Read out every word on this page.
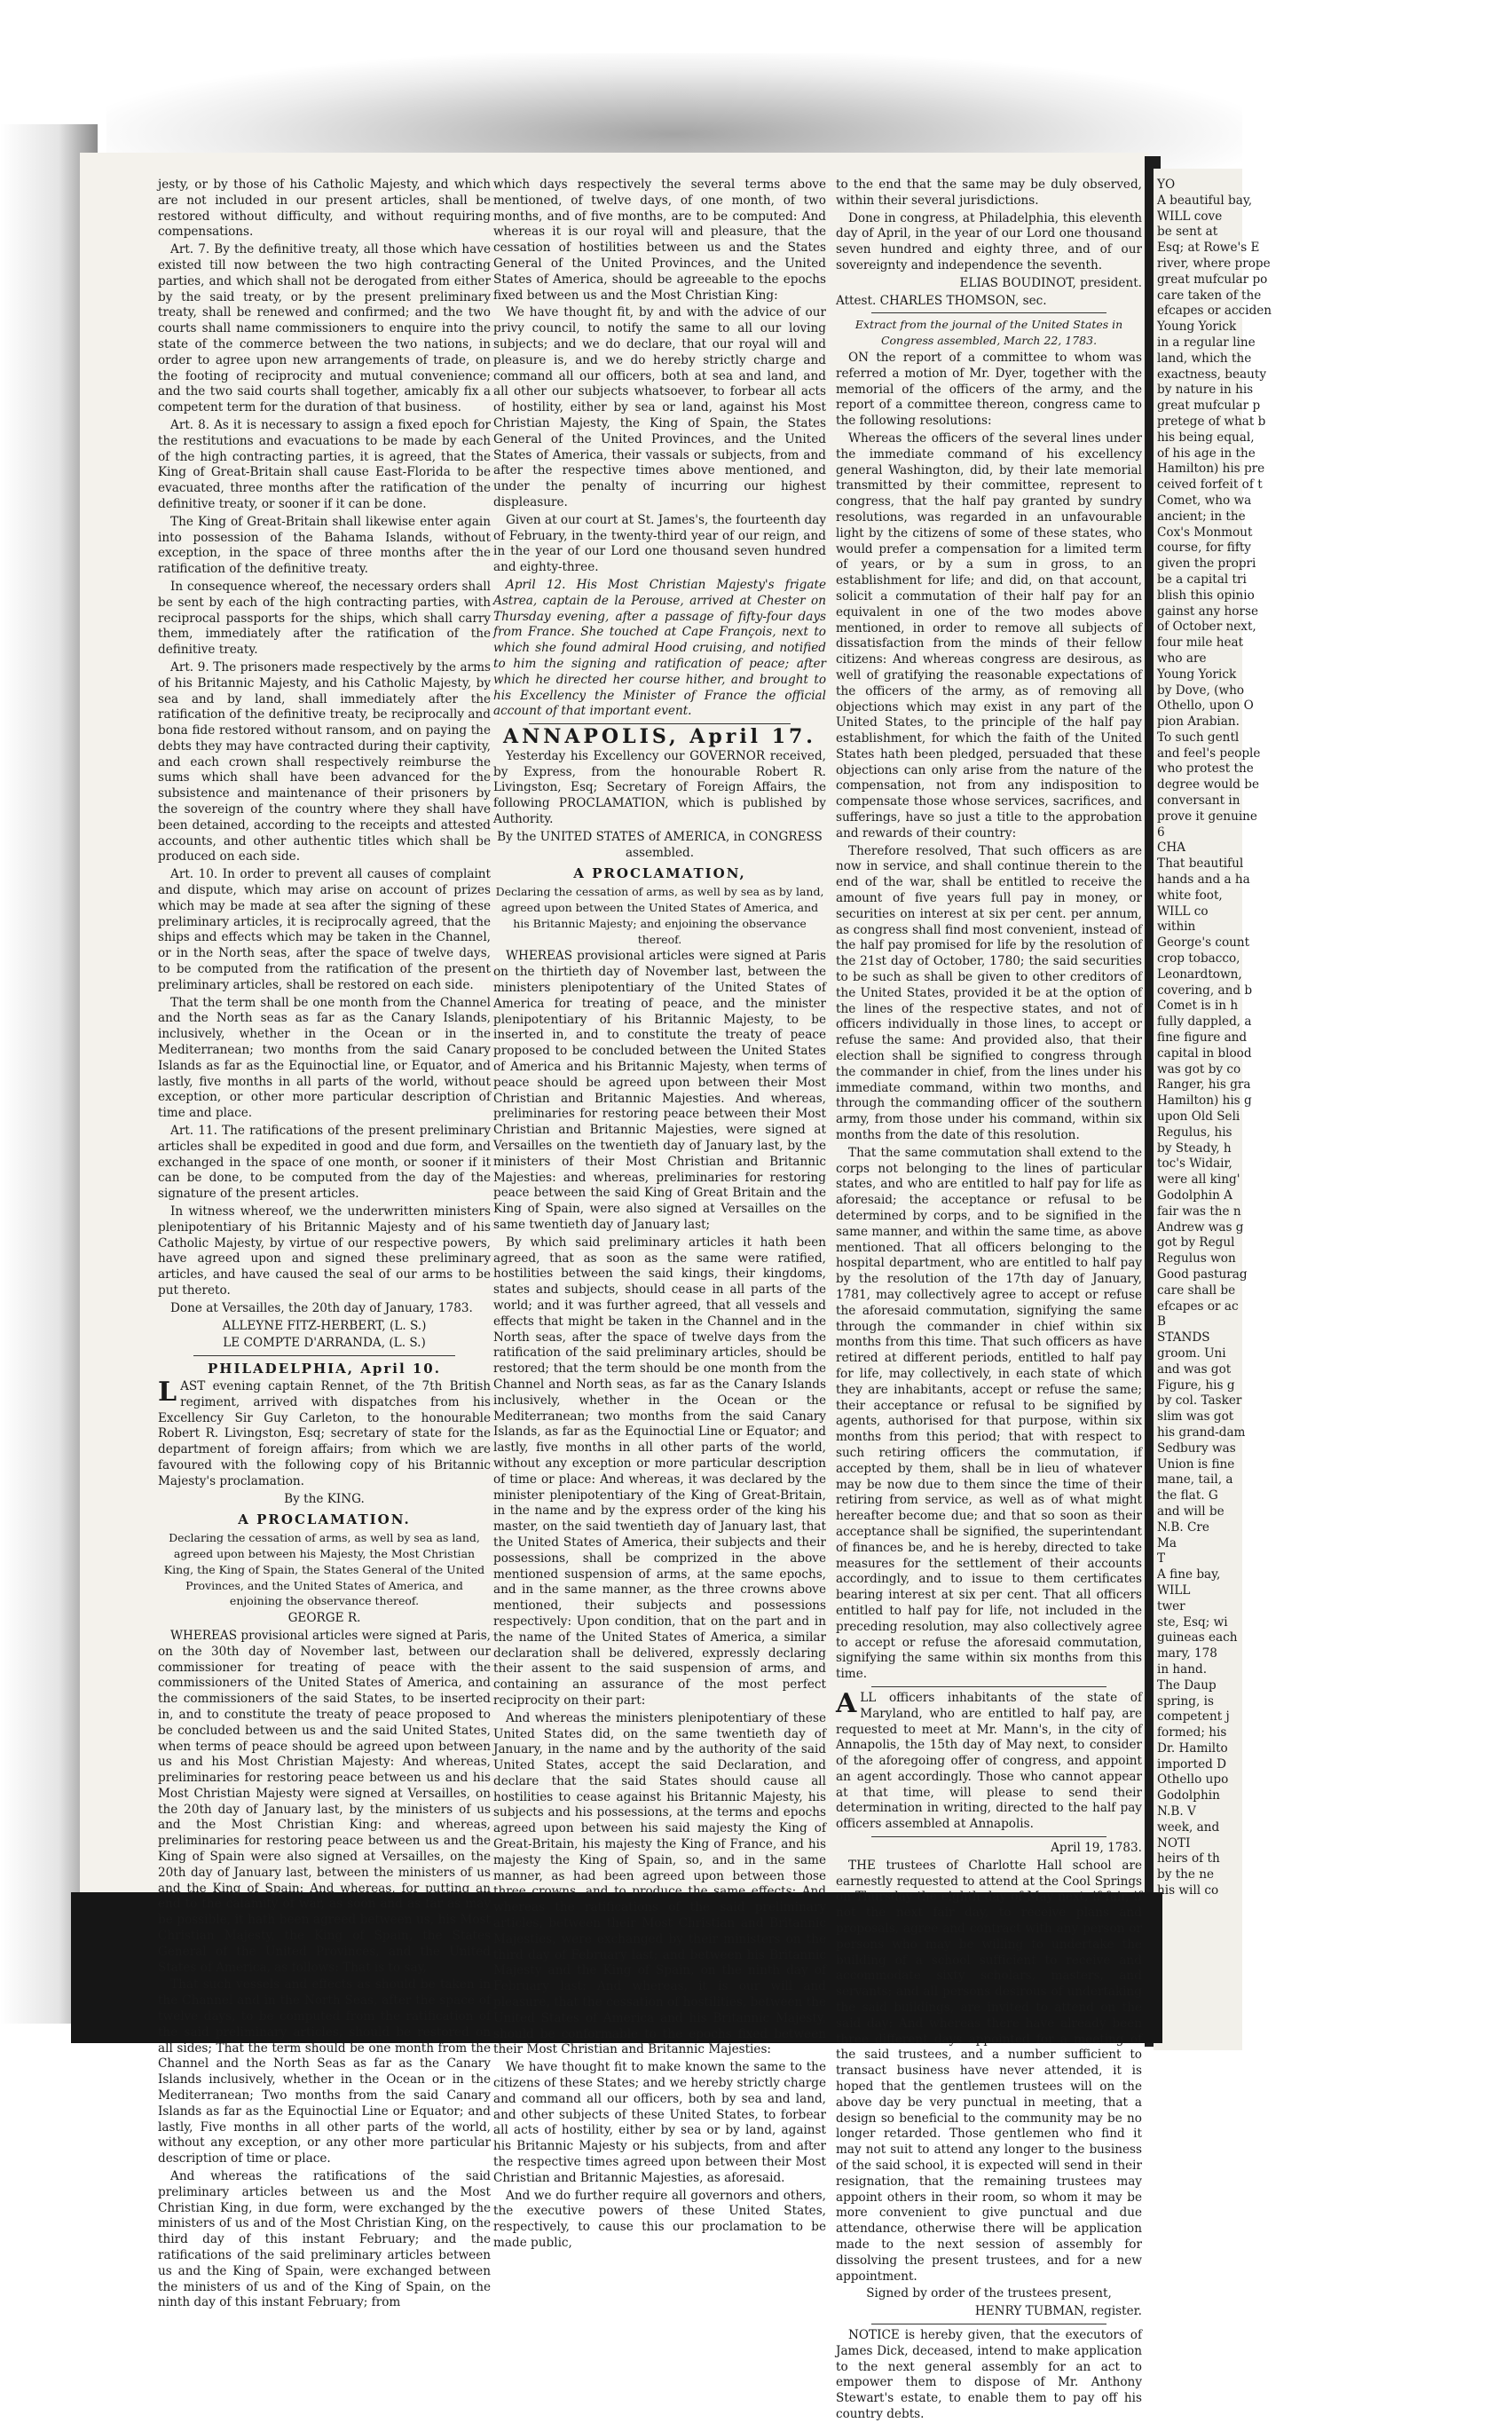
jesty, or by those of his Catholic Majesty, and which are not included in our present articles, shall be restored without difficulty, and without requiring compensations.

Art. 7. By the definitive treaty, all those which have existed till now between the two high contracting parties, and which shall not be derogated from either by the said treaty, or by the present preliminary treaty, shall be renewed and confirmed; and the two courts shall name commissioners to enquire into the state of the commerce between the two nations, in order to agree upon new arrangements of trade, on the footing of reciprocity and mutual convenience; and the two said courts shall together, amicably fix a competent term for the duration of that business.

Art. 8. As it is necessary to assign a fixed epoch for the restitutions and evacuations to be made by each of the high contracting parties, it is agreed, that the King of Great-Britain shall cause East-Florida to be evacuated, three months after the ratification of the definitive treaty, or sooner if it can be done.

The King of Great-Britain shall likewise enter again into possession of the Bahama Islands, without exception, in the space of three months after the ratification of the definitive treaty.

In consequence whereof, the necessary orders shall be sent by each of the high contracting parties, with reciprocal passports for the ships, which shall carry them, immediately after the ratification of the definitive treaty.

Art. 9. The prisoners made respectively by the arms of his Britannic Majesty, and his Catholic Majesty, by sea and by land, shall immediately after the ratification of the definitive treaty, be reciprocally and bona fide restored without ransom, and on paying the debts they may have contracted during their captivity, and each crown shall respectively reimburse the sums which shall have been advanced for the subsistence and maintenance of their prisoners by the sovereign of the country where they shall have been detained, according to the receipts and attested accounts, and other authentic titles which shall be produced on each side.

Art. 10. In order to prevent all causes of complaint and dispute, which may arise on account of prizes which may be made at sea after the signing of these preliminary articles, it is reciprocally agreed, that the ships and effects which may be taken in the Channel, or in the North seas, after the space of twelve days, to be computed from the ratification of the present preliminary articles, shall be restored on each side.

That the term shall be one month from the Channel and the North seas as far as the Canary Islands, inclusively, whether in the Ocean or in the Mediterranean; two months from the said Canary Islands as far as the Equinoctial line, or Equator, and lastly, five months in all parts of the world, without exception, or other more particular description of time and place.

Art. 11. The ratifications of the present preliminary articles shall be expedited in good and due form, and exchanged in the space of one month, or sooner if it can be done, to be computed from the day of the signature of the present articles.

In witness whereof, we the underwritten ministers plenipotentiary of his Britannic Majesty and of his Catholic Majesty, by virtue of our respective powers, have agreed upon and signed these preliminary articles, and have caused the seal of our arms to be put thereto.

Done at Versailles, the 20th day of January, 1783.

ALLEYNE FITZ-HERBERT, (L. S.)

LE COMPTE D'ARRANDA, (L. S.)

PHILADELPHIA, April 10.

LAST evening captain Rennet, of the 7th British regiment, arrived with dispatches from his Excellency Sir Guy Carleton, to the honourable Robert R. Livingston, Esq; secretary of state for the department of foreign affairs; from which we are favoured with the following copy of his Britannic Majesty's proclamation.

By the KING.

A PROCLAMATION.

Declaring the cessation of arms, as well by sea as land, agreed upon between his Majesty, the Most Christian King, the King of Spain, the States General of the United Provinces, and the United States of America, and enjoining the observance thereof.

GEORGE R.

WHEREAS provisional articles were signed at Paris, on the 30th day of November last, between our commissioner for treating of peace with the commissioners of the United States of America, and the commissioners of the said States, to be inserted in, and to constitute the treaty of peace proposed to be concluded between us and the said United States, when terms of peace should be agreed upon between us and his Most Christian Majesty: And whereas, preliminaries for restoring peace between us and his Most Christian Majesty were signed at Versailles, on the 20th day of January last, by the ministers of us and the Most Christian King: and whereas, preliminaries for restoring peace between us and the King of Spain were also signed at Versailles, on the 20th day of January last, between the ministers of us and the King of Spain: And whereas, for putting an end to the calamity of war, as soon and as far as may be possible, it hath been agreed between us, his Most Christian Majesty, the King of Spain, the States General of the United Provinces, and the United States of America, as follows: That is to say,

That such vessels and effects as should be taken in the Channel and in the North Seas, after the space of twelve days, to be computed from the ratification of the said preliminary articles, should be restored on all sides; That the term should be one month from the Channel and the North Seas as far as the Canary Islands inclusively, whether in the Ocean or in the Mediterranean; Two months from the said Canary Islands as far as the Equinoctial Line or Equator; and lastly, Five months in all other parts of the world, without any exception, or any other more particular description of time or place.

And whereas the ratifications of the said preliminary articles between us and the Most Christian King, in due form, were exchanged by the ministers of us and of the Most Christian King, on the third day of this instant February; and the ratifications of the said preliminary articles between us and the King of Spain, were exchanged between the ministers of us and of the King of Spain, on the ninth day of this instant February; from

which days respectively the several terms above mentioned, of twelve days, of one month, of two months, and of five months, are to be computed: And whereas it is our royal will and pleasure, that the cessation of hostilities between us and the States General of the United Provinces, and the United States of America, should be agreeable to the epochs fixed between us and the Most Christian King:

We have thought fit, by and with the advice of our privy council, to notify the same to all our loving subjects; and we do declare, that our royal will and pleasure is, and we do hereby strictly charge and command all our officers, both at sea and land, and all other our subjects whatsoever, to forbear all acts of hostility, either by sea or land, against his Most Christian Majesty, the King of Spain, the States General of the United Provinces, and the United States of America, their vassals or subjects, from and after the respective times above mentioned, and under the penalty of incurring our highest displeasure.

Given at our court at St. James's, the fourteenth day of February, in the twenty-third year of our reign, and in the year of our Lord one thousand seven hundred and eighty-three.

April 12. His Most Christian Majesty's frigate Astrea, captain de la Perouse, arrived at Chester on Thursday evening, after a passage of fifty-four days from France. She touched at Cape François, next to which she found admiral Hood cruising, and notified to him the signing and ratification of peace; after which he directed her course hither, and brought to his Excellency the Minister of France the official account of that important event.

ANNAPOLIS, April 17.

Yesterday his Excellency our GOVERNOR received, by Express, from the honourable Robert R. Livingston, Esq; Secretary of Foreign Affairs, the following PROCLAMATION, which is published by Authority.

By the UNITED STATES of AMERICA, in CONGRESS assembled.

A PROCLAMATION,

Declaring the cessation of arms, as well by sea as by land, agreed upon between the United States of America, and his Britannic Majesty; and enjoining the observance thereof.

WHEREAS provisional articles were signed at Paris on the thirtieth day of November last, between the ministers plenipotentiary of the United States of America for treating of peace, and the minister plenipotentiary of his Britannic Majesty, to be inserted in, and to constitute the treaty of peace proposed to be concluded between the United States of America and his Britannic Majesty, when terms of peace should be agreed upon between their Most Christian and Britannic Majesties. And whereas, preliminaries for restoring peace between their Most Christian and Britannic Majesties, were signed at Versailles on the twentieth day of January last, by the ministers of their Most Christian and Britannic Majesties: and whereas, preliminaries for restoring peace between the said King of Great Britain and the King of Spain, were also signed at Versailles on the same twentieth day of January last;

By which said preliminary articles it hath been agreed, that as soon as the same were ratified, hostilities between the said kings, their kingdoms, states and subjects, should cease in all parts of the world; and it was further agreed, that all vessels and effects that might be taken in the Channel and in the North seas, after the space of twelve days from the ratification of the said preliminary articles, should be restored; that the term should be one month from the Channel and North seas, as far as the Canary Islands inclusively, whether in the Ocean or the Mediterranean; two months from the said Canary Islands, as far as the Equinoctial Line or Equator; and lastly, five months in all other parts of the world, without any exception or more particular description of time or place: And whereas, it was declared by the minister plenipotentiary of the King of Great-Britain, in the name and by the express order of the king his master, on the said twentieth day of January last, that the United States of America, their subjects and their possessions, shall be comprized in the above mentioned suspension of arms, at the same epochs, and in the same manner, as the three crowns above mentioned, their subjects and possessions respectively: Upon condition, that on the part and in the name of the United States of America, a similar declaration shall be delivered, expressly declaring their assent to the said suspension of arms, and containing an assurance of the most perfect reciprocity on their part:

And whereas the ministers plenipotentiary of these United States did, on the same twentieth day of January, in the name and by the authority of the said United States, accept the said Declaration, and declare that the said States should cause all hostilities to cease against his Britannic Majesty, his subjects and his possessions, at the terms and epochs agreed upon between his said majesty the King of Great-Britain, his majesty the King of France, and his majesty the King of Spain, so, and in the same manner, as had been agreed upon between those three crowns, and to produce the same effects: And whereas the ratifications of the said preliminary articles, between their Most Christian and Britannic Majesties, were exchanged by their ministers on the third day of February last; and between his Britannic Majesty and the King of Spain, on the ninth day of February last: And whereas, it is our will and pleasure, that the cessation of hostilities, between the United States of America and his Britannic Majesty, should be conformable to the epochs fixed between their Most Christian and Britannic Majesties:

We have thought fit to make known the same to the citizens of these States; and we hereby strictly charge and command all our officers, both by sea and land, and other subjects of these United States, to forbear all acts of hostility, either by sea or by land, against his Britannic Majesty or his subjects, from and after the respective times agreed upon between their Most Christian and Britannic Majesties, as aforesaid.

And we do further require all governors and others, the executive powers of these United States, respectively, to cause this our proclamation to be made public,

to the end that the same may be duly observed, within their several jurisdictions.

Done in congress, at Philadelphia, this eleventh day of April, in the year of our Lord one thousand seven hundred and eighty three, and of our sovereignty and independence the seventh.

ELIAS BOUDINOT, president.

Attest. CHARLES THOMSON, sec.

Extract from the journal of the United States in Congress assembled, March 22, 1783.

ON the report of a committee to whom was referred a motion of Mr. Dyer, together with the memorial of the officers of the army, and the report of a committee thereon, congress came to the following resolutions:

Whereas the officers of the several lines under the immediate command of his excellency general Washington, did, by their late memorial transmitted by their committee, represent to congress, that the half pay granted by sundry resolutions, was regarded in an unfavourable light by the citizens of some of these states, who would prefer a compensation for a limited term of years, or by a sum in gross, to an establishment for life; and did, on that account, solicit a commutation of their half pay for an equivalent in one of the two modes above mentioned, in order to remove all subjects of dissatisfaction from the minds of their fellow citizens: And whereas congress are desirous, as well of gratifying the reasonable expectations of the officers of the army, as of removing all objections which may exist in any part of the United States, to the principle of the half pay establishment, for which the faith of the United States hath been pledged, persuaded that these objections can only arise from the nature of the compensation, not from any indisposition to compensate those whose services, sacrifices, and sufferings, have so just a title to the approbation and rewards of their country:

Therefore resolved, That such officers as are now in service, and shall continue therein to the end of the war, shall be entitled to receive the amount of five years full pay in money, or securities on interest at six per cent. per annum, as congress shall find most convenient, instead of the half pay promised for life by the resolution of the 21st day of October, 1780; the said securities to be such as shall be given to other creditors of the United States, provided it be at the option of the lines of the respective states, and not of officers individually in those lines, to accept or refuse the same: And provided also, that their election shall be signified to congress through the commander in chief, from the lines under his immediate command, within two months, and through the commanding officer of the southern army, from those under his command, within six months from the date of this resolution.

That the same commutation shall extend to the corps not belonging to the lines of particular states, and who are entitled to half pay for life as aforesaid; the acceptance or refusal to be determined by corps, and to be signified in the same manner, and within the same time, as above mentioned. That all officers belonging to the hospital department, who are entitled to half pay by the resolution of the 17th day of January, 1781, may collectively agree to accept or refuse the aforesaid commutation, signifying the same through the commander in chief within six months from this time. That such officers as have retired at different periods, entitled to half pay for life, may collectively, in each state of which they are inhabitants, accept or refuse the same; their acceptance or refusal to be signified by agents, authorised for that purpose, within six months from this period; that with respect to such retiring officers the commutation, if accepted by them, shall be in lieu of whatever may be now due to them since the time of their retiring from service, as well as of what might hereafter become due; and that so soon as their acceptance shall be signified, the superintendant of finances be, and he is hereby, directed to take measures for the settlement of their accounts accordingly, and to issue to them certificates bearing interest at six per cent. That all officers entitled to half pay for life, not included in the preceding resolution, may also collectively agree to accept or refuse the aforesaid commutation, signifying the same within six months from this time.

ALL officers inhabitants of the state of Maryland, who are entitled to half pay, are requested to meet at Mr. Mann's, in the city of Annapolis, the 15th day of May next, to consider of the aforegoing offer of congress, and appoint an agent accordingly. Those who cannot appear at that time, will please to send their determination in writing, directed to the half pay officers assembled at Annapolis.

April 19, 1783.

THE trustees of Charlotte Hall school are earnestly requested to attend at the Cool Springs on Thursday the eighth day of May next, if fair, if not the next fair day, to receive plans and proposals, agree and contract with any person or persons who may be willing to undertake the building of a school sufficient to receive and accommodate sixty scholars, masters, and servants; and all persons desirous of undertaking the said buildings, are invited to attend on the said day: And whereas there have already been three different days appointed for a meeting of the said trustees, and a number sufficient to transact business have never attended, it is hoped that the gentlemen trustees will on the above day be very punctual in meeting, that a design so beneficial to the community may be no longer retarded. Those gentlemen who find it may not suit to attend any longer to the business of the said school, it is expected will send in their resignation, that the remaining trustees may appoint others in their room, so whom it may be more convenient to give punctual and due attendance, otherwise there will be application made to the next session of assembly for dissolving the present trustees, and for a new appointment.

Signed by order of the trustees present,

HENRY TUBMAN, register.

NOTICE is hereby given, that the executors of James Dick, deceased, intend to make application to the next general assembly for an act to empower them to dispose of Mr. Anthony Stewart's estate, to enable them to pay off his country debts.

YO

A beautiful bay,

WILL cove

be sent at

Esq; at Rowe's E

river, where prope

great mufcular po

care taken of the

efcapes or acciden

Young Yorick

in a regular line

land, which the

exactness, beauty

by nature in his

great mufcular p

pretege of what b

his being equal,

of his age in the

Hamilton) his pre

ceived forfeit of t

Comet, who wa

ancient; in the

Cox's Monmout

course, for fifty

given the propri

be a capital tri

blish this opinio

gainst any horse

of October next,

four mile heat

who are

Young Yorick

by Dove, (who

Othello, upon O

pion Arabian.

To such gentl

and feel's people

who protest the

degree would be

conversant in

prove it genuine

6

CHA

That beautiful

hands and a ha

white foot,

WILL co

within

George's count

crop tobacco,

Leonardtown,

covering, and b

Comet is in h

fully dappled, a

fine figure and

capital in blood

was got by co

Ranger, his gra

Hamilton) his g

upon Old Seli

Regulus, his

by Steady, h

toc's Widair,

were all king'

Godolphin A

fair was the n

Andrew was g

got by Regul

Regulus won

Good pasturag

care shall be

efcapes or ac

B

STANDS

groom. Uni

and was got

Figure, his g

by col. Tasker

slim was got

his grand-dam

Sedbury was

Union is fine

mane, tail, a

the flat. G

and will be

N.B. Cre

Ma

T

A fine bay,

WILL

twer

ste, Esq; wi

guineas each

mary, 178

in hand.

The Daup

spring, is

competent j

formed; his

Dr. Hamilto

imported D

Othello upo

Godolphin

N.B. V

week, and

NOTI

heirs of th

by the ne

his will co
